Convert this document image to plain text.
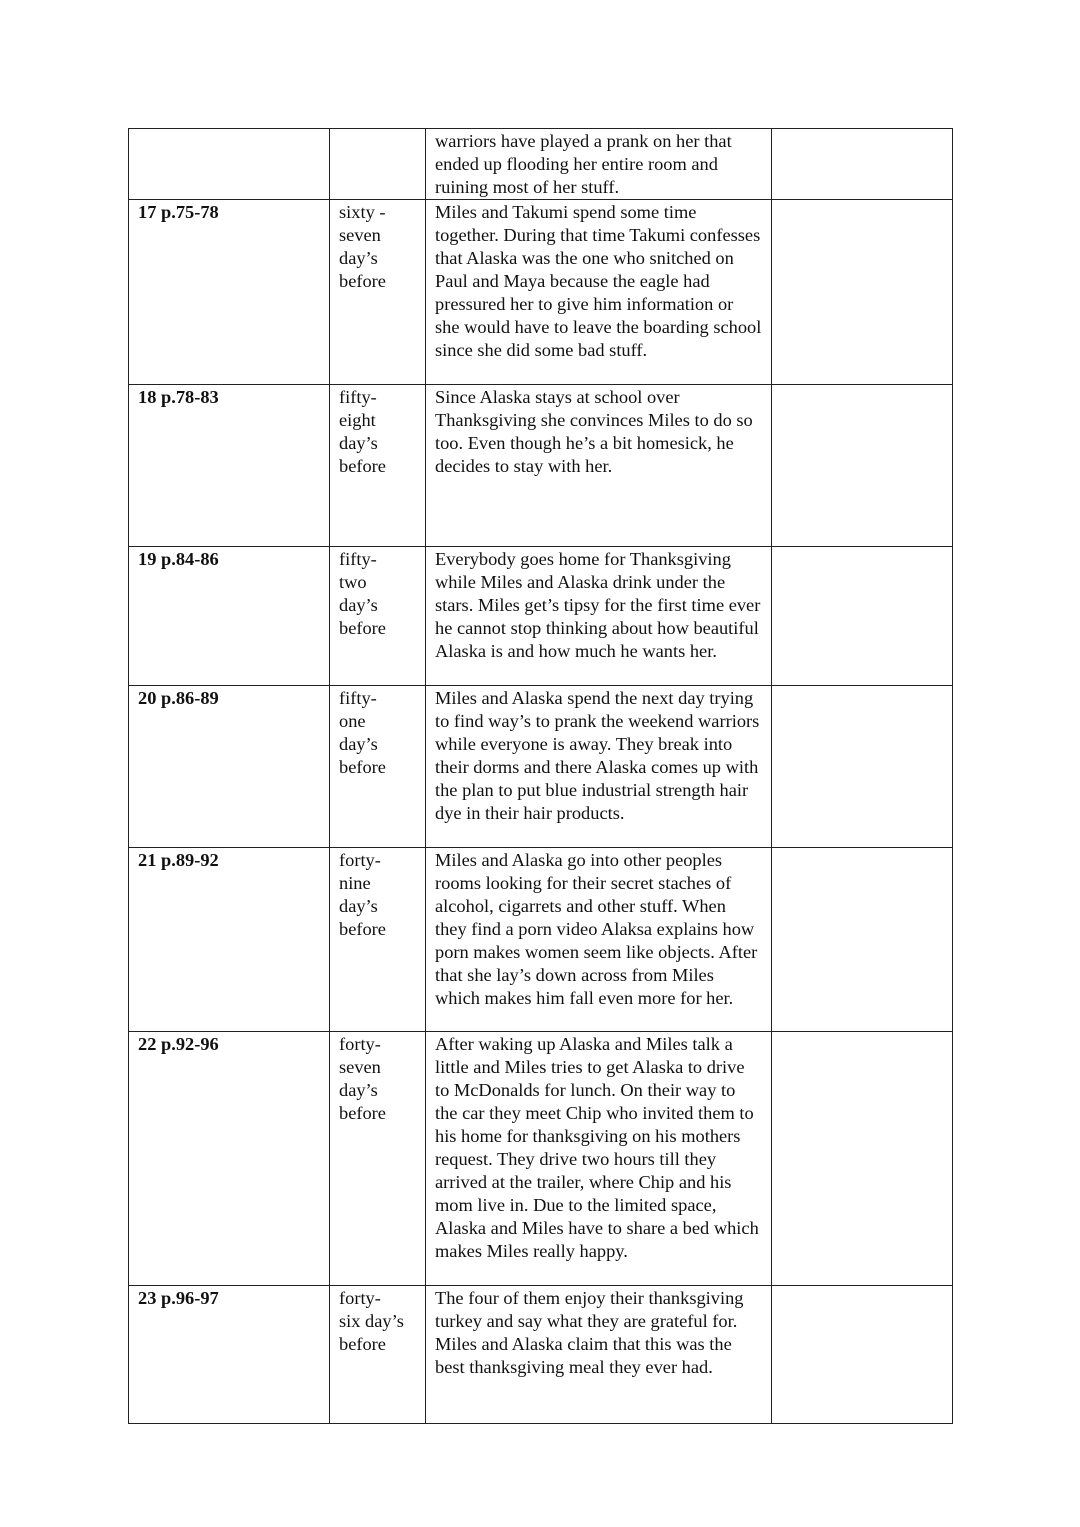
		warriors have played a prank on her that ended up flooding her entire room and ruining most of her stuff.	

17 p.75-78	sixty - seven day’s before	Miles and Takumi spend some time together. During that time Takumi confesses that Alaska was the one who snitched on Paul and Maya because the eagle had pressured her to give him information or she would have to leave the boarding school since she did some bad stuff.	

18 p.78-83	fifty- eight day’s before	Since Alaska stays at school over Thanksgiving she convinces Miles to do so too. Even though he’s a bit homesick, he decides to stay with her.	

19 p.84-86	fifty- two day’s before	Everybody goes home for Thanksgiving while Miles and Alaska drink under the stars. Miles get’s tipsy for the first time ever he cannot stop thinking about how beautiful Alaska is and how much he wants her.	

20 p.86-89	fifty- one day’s before	Miles and Alaska spend the next day trying to find way’s to prank the weekend warriors while everyone is away. They break into their dorms and there Alaska comes up with the plan to put blue industrial strength hair dye in their hair products.	

21 p.89-92	forty- nine day’s before	Miles and Alaska go into other peoples rooms looking for their secret staches of alcohol, cigarrets and other stuff. When they find a porn video Alaksa explains how porn makes women seem like objects. After that she lay’s down across from Miles which makes him fall even more for her.	

22 p.92-96	forty- seven day’s before	After waking up Alaska and Miles talk a little and Miles tries to get Alaska to drive to McDonalds for lunch. On their way to the car they meet Chip who invited them to his home for thanksgiving on his mothers request. They drive two hours till they arrived at the trailer, where Chip and his mom live in. Due to the limited space, Alaska and Miles have to share a bed which makes Miles really happy.	

23 p.96-97	forty- six day’s before	The four of them enjoy their thanksgiving turkey and say what they are grateful for. Miles and Alaska claim that this was the best thanksgiving meal they ever had.	
